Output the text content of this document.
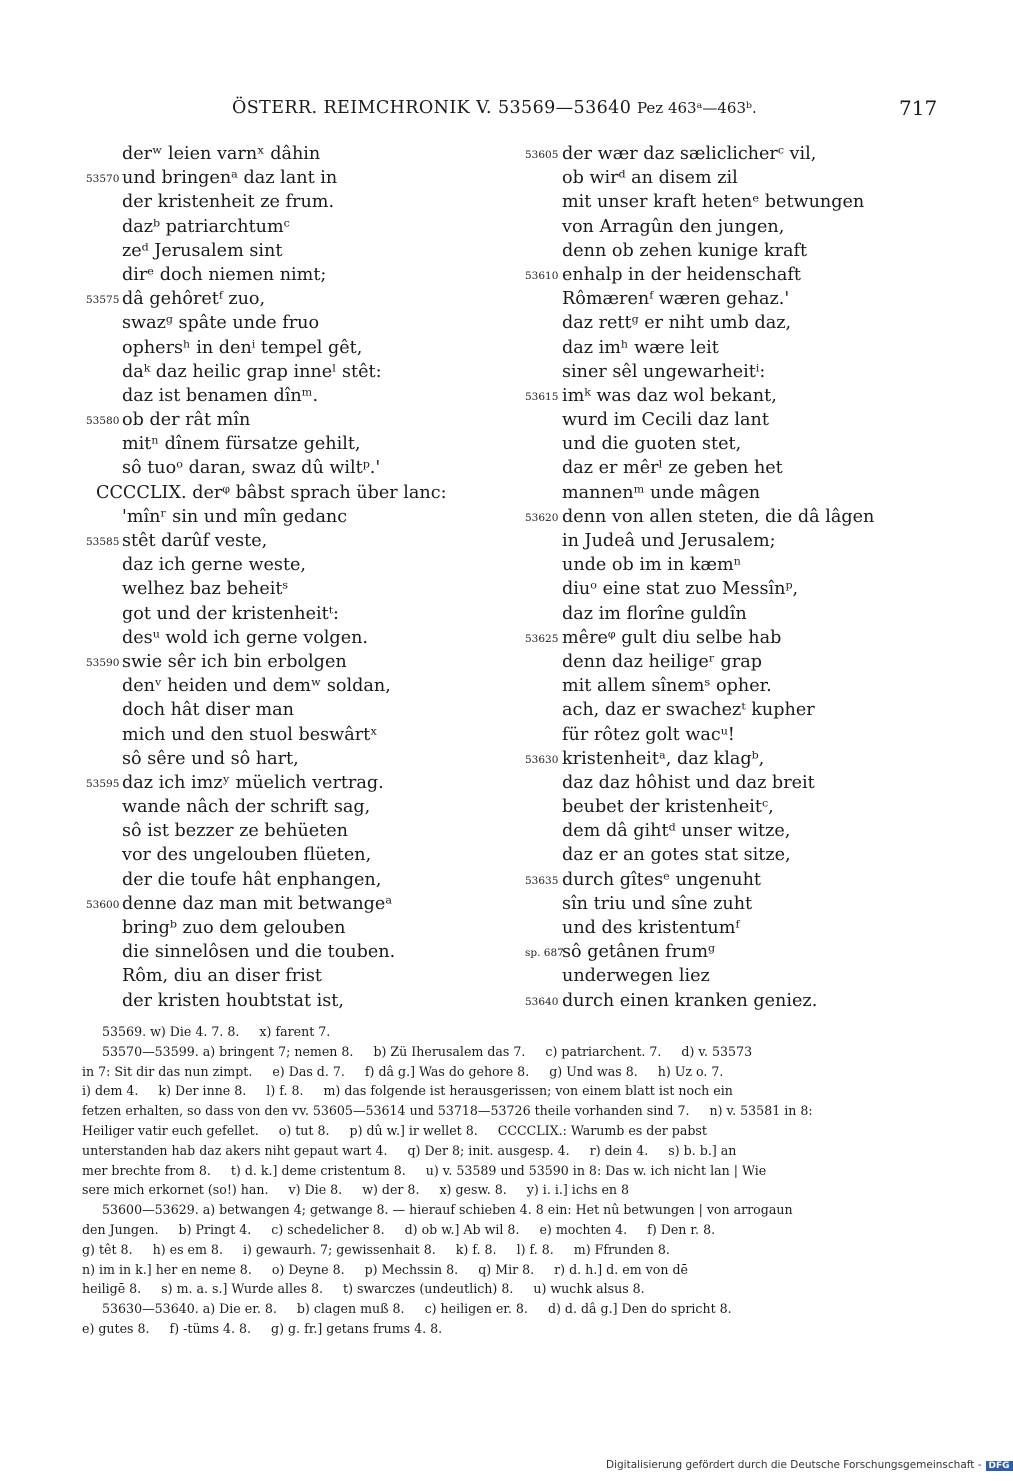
ÖSTERR. REIMCHRONIK V. 53569—53640 Pez 463ᵃ—463ᵇ.	717
derʷ leien varnˣ dâhin
53570 und bringenᵃ daz lant in
der kristenheit ze frum.
dazᵇ patriarchtumᶜ
zeᵈ Jerusalem sint
dirᵉ doch niemen nimt;
53575 dâ gehôretᶠ zuo,
swazᵍ spâte unde fruo
ophersʰ in denⁱ tempel gêt,
daᵏ daz heilic grap inneˡ stêt:
daz ist benamen dînᵐ.
53580 ob der rât mîn
mitⁿ dînem fürsatze gehilt,
sô tuoᵒ daran, swaz dû wiltᵖ.'
CCCCLIX. derᵠ bâbst sprach über lanc:
'mînʳ sin und mîn gedanc
53585 stêt darûf veste,
daz ich gerne weste,
welhez baz beheitˢ
got und der kristenheitᵗ:
desᵘ wold ich gerne volgen.
53590 swie sêr ich bin erbolgen
denᵛ heiden und demʷ soldan,
doch hât diser man
mich und den stuol beswârtˣ
sô sêre und sô hart,
53595 daz ich imzʸ müelich vertrag.
wande nâch der schrift sag,
sô ist bezzer ze behüeten
vor des ungelouben flüeten,
der die toufe hât enphangen,
53600 denne daz man mit betwangeᵃ
bringᵇ zuo dem gelouben
die sinnelôsen und die touben.
Rôm, diu an diser frist
der kristen houbtstat ist,
53605 der wær daz sæliclicherᶜ vil,
ob wirᵈ an disem zil
mit unser kraft hetenᵉ betwungen
von Arragûn den jungen,
denn ob zehen kunige kraft
53610 enhalp in der heidenschaft
Rômærenᶠ wæren gehaz.'
daz rettᵍ er niht umb daz,
daz imʰ wære leit
siner sêl ungewarheitⁱ:
53615 imᵏ was daz wol bekant,
wurd im Cecili daz lant
und die guoten stet,
daz er mêrˡ ze geben het
mannenᵐ unde mâgen
53620 denn von allen steten, die dâ lâgen
in Judeâ und Jerusalem;
unde ob im in kæmⁿ
diuᵒ eine stat zuo Messînᵖ,
daz im florîne guldîn
53625 mêreᵠ gult diu selbe hab
denn daz heiligeʳ grap
mit allem sînemˢ opher.
ach, daz er swachezᵗ kupher
für rôtez golt wacᵘ!
53630 kristenheitᵃ, daz klagᵇ,
daz daz hôhist und daz breit
beubet der kristenheitᶜ,
dem dâ gihtᵈ unser witze,
daz er an gotes stat sitze,
53635 durch gîtesᵉ ungenuht
sîn triu und sîne zuht
und des kristentumᶠ
sp. 687
sô getânen frumᵍ
underwegen liez
53640 durch einen kranken geniez.
53569. w) Die 4. 7. 8.     x) farent 7.
53570—53599. a) bringent 7; nemen 8.     b) Zü Iherusalem das 7.     c) patriarchent. 7.     d) v. 53573
in 7: Sit dir das nun zimpt.     e) Das d. 7.     f) dâ g.] Was do gehore 8.     g) Und was 8.     h) Uz o. 7.
i) dem 4.     k) Der inne 8.     l) f. 8.     m) das folgende ist herausgerissen; von einem blatt ist noch ein
fetzen erhalten, so dass von den vv. 53605—53614 und 53718—53726 theile vorhanden sind 7.     n) v. 53581 in 8:
Heiliger vatir euch gefellet.     o) tut 8.     p) dû w.] ir wellet 8.     CCCCLIX.: Warumb es der pabst
unterstanden hab daz akers niht gepaut wart 4.     q) Der 8; init. ausgesp. 4.     r) dein 4.     s) b. b.] an
mer brechte from 8.     t) d. k.] deme cristentum 8.     u) v. 53589 und 53590 in 8: Das w. ich nicht lan | Wie
sere mich erkornet (so!) han.     v) Die 8.     w) der 8.     x) gesw. 8.     y) i. i.] ichs en 8
53600—53629. a) betwangen 4; getwange 8. — hierauf schieben 4. 8 ein: Het nû betwungen | von arrogaun
den Jungen.     b) Pringt 4.     c) schedelicher 8.     d) ob w.] Ab wil 8.     e) mochten 4.     f) Den r. 8.
g) têt 8.     h) es em 8.     i) gewaurh. 7; gewissenhait 8.     k) f. 8.     l) f. 8.     m) Ffrunden 8.
n) im in k.] her en neme 8.     o) Deyne 8.     p) Mechssin 8.     q) Mir 8.     r) d. h.] d. em von dē
heiligē 8.     s) m. a. s.] Wurde alles 8.     t) swarczes (undeutlich) 8.     u) wuchk alsus 8.
53630—53640. a) Die er. 8.     b) clagen muß 8.     c) heiligen er. 8.     d) d. dâ g.] Den do spricht 8.
e) gutes 8.     f) -tüms 4. 8.     g) g. fr.] getans frums 4. 8.
Digitalisierung gefördert durch die Deutsche Forschungsgemeinschaft - DFG
